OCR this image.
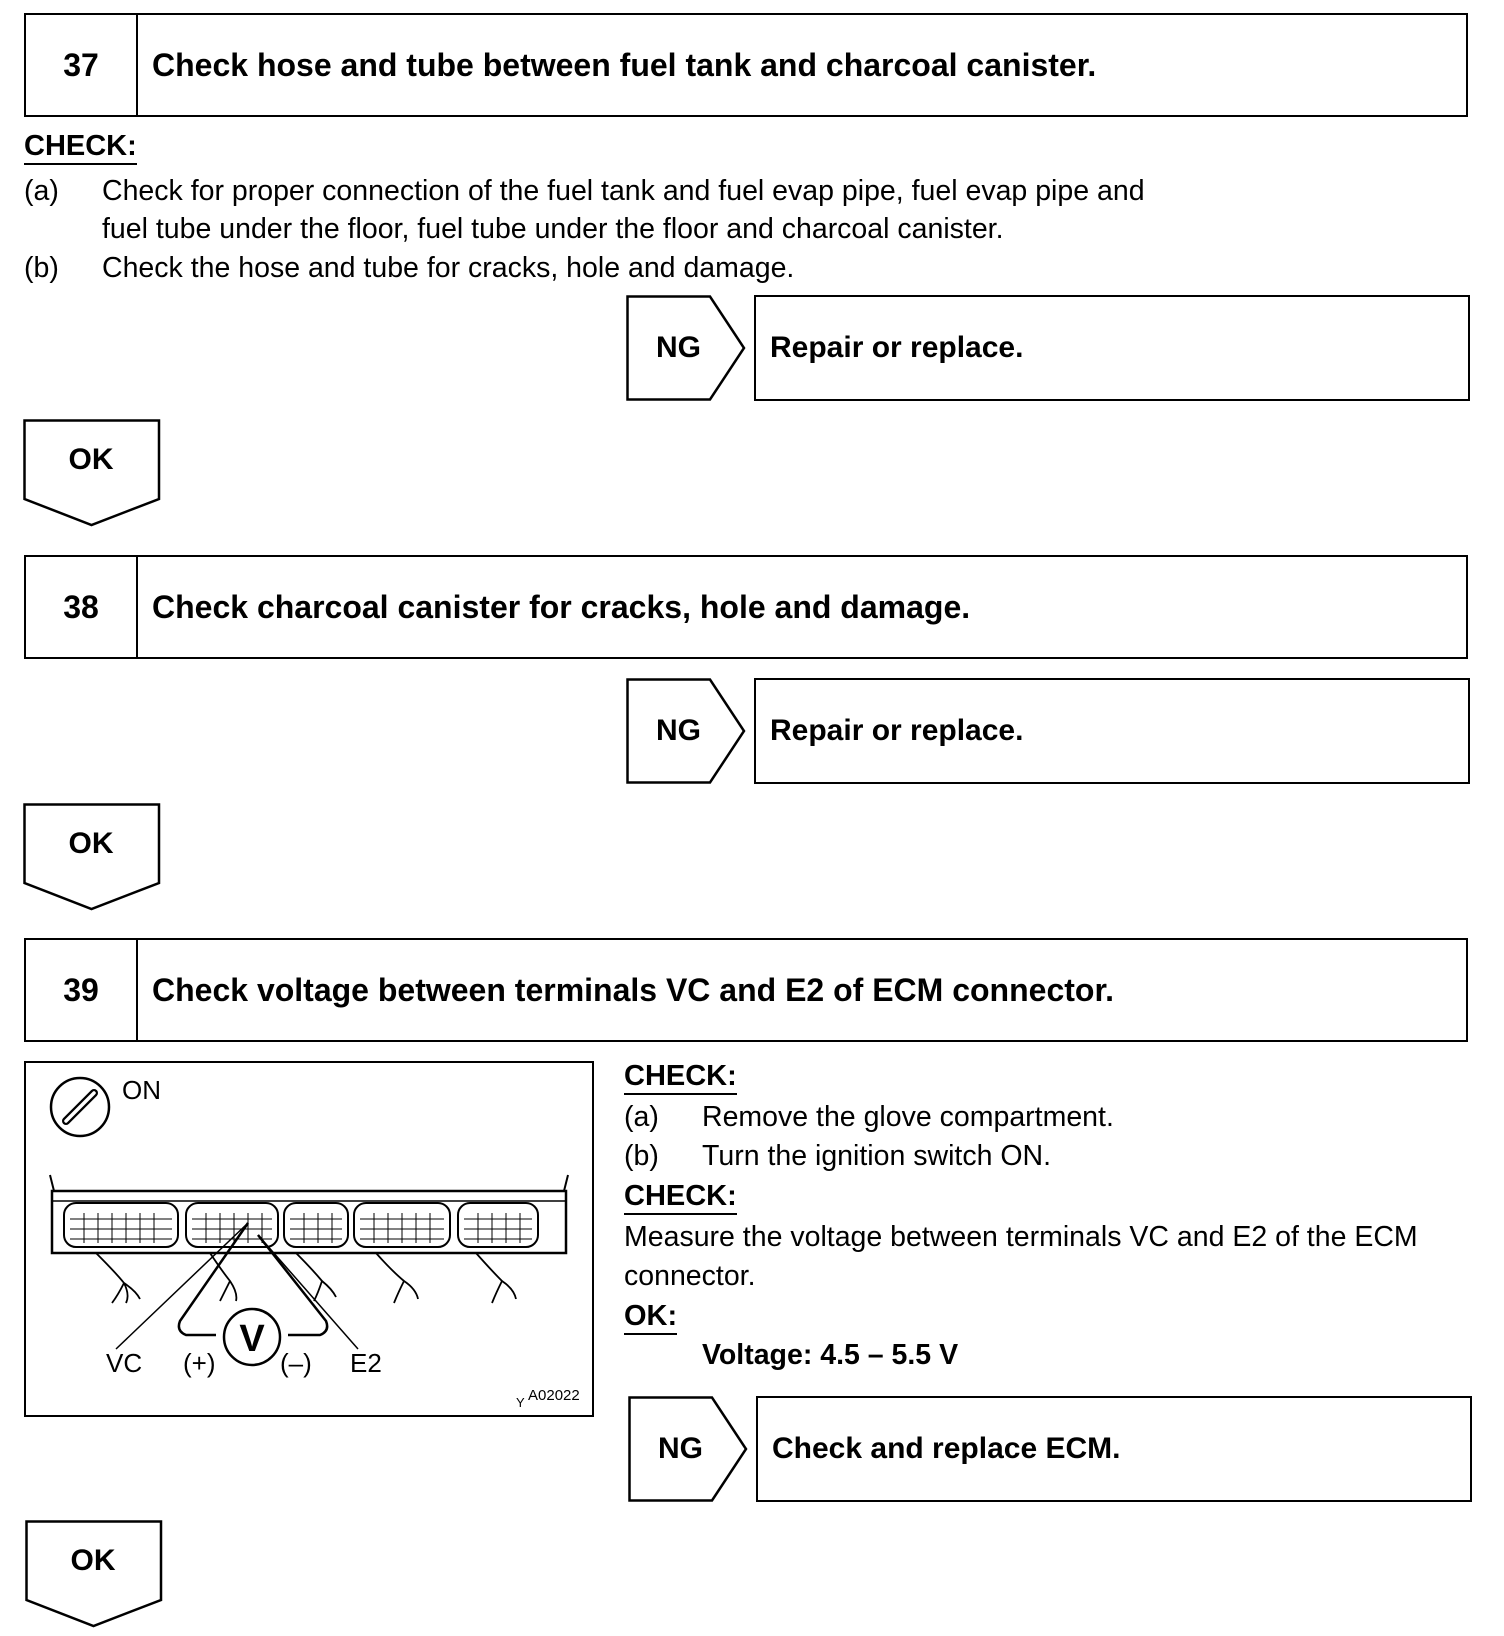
37	Check hose and tube between fuel tank and charcoal canister.
CHECK:
(a) Check for proper connection of the fuel tank and fuel evap pipe, fuel evap pipe and
fuel tube under the floor, fuel tube under the floor and charcoal canister.
(b) Check the hose and tube for cracks, hole and damage.
NG	Repair or replace.
OK
38	Check charcoal canister for cracks, hole and damage.
NG	Repair or replace.
OK
39	Check voltage between terminals VC and E2 of ECM connector.
V
ON
VC (+) (–) E2
Y A02022
CHECK:
(a) Remove the glove compartment.
(b) Turn the ignition switch ON.
CHECK:
Measure the voltage between terminals VC and E2 of the ECM
connector.
OK:
Voltage: 4.5 – 5.5 V
NG	Check and replace ECM.
OK
